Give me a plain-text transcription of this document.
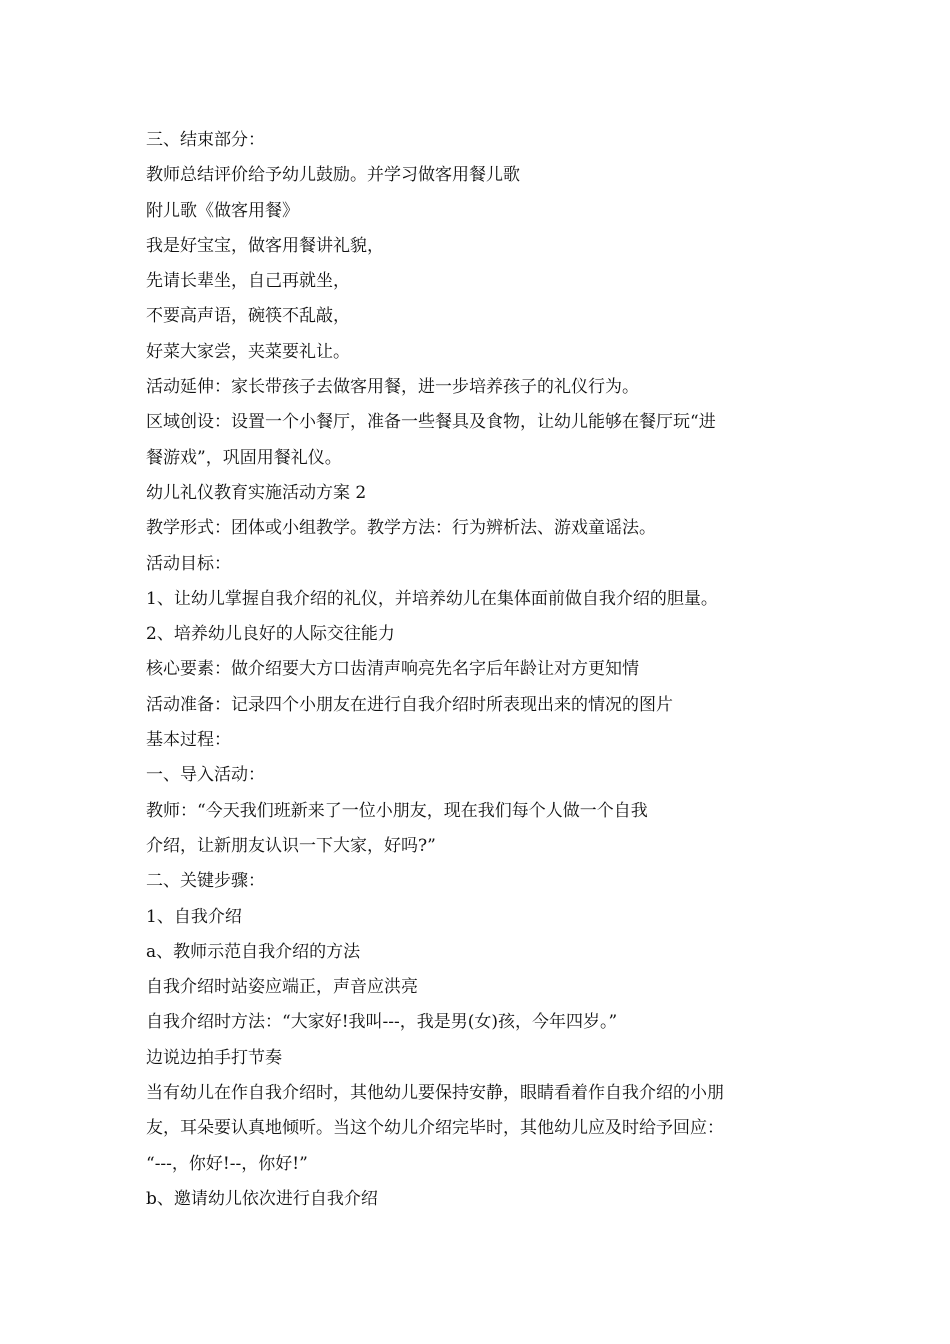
三、结束部分：
教师总结评价给予幼儿鼓励。并学习做客用餐儿歌
附儿歌《做客用餐》
我是好宝宝，做客用餐讲礼貌，
先请长辈坐，自己再就坐，
不要高声语，碗筷不乱敲，
好菜大家尝，夹菜要礼让。
活动延伸：家长带孩子去做客用餐，进一步培养孩子的礼仪行为。
区域创设：设置一个小餐厅，准备一些餐具及食物，让幼儿能够在餐厅玩“进
餐游戏”，巩固用餐礼仪。
幼儿礼仪教育实施活动方案 2
教学形式：团体或小组教学。教学方法：行为辨析法、游戏童谣法。
活动目标：
1、让幼儿掌握自我介绍的礼仪，并培养幼儿在集体面前做自我介绍的胆量。
2、培养幼儿良好的人际交往能力
核心要素：做介绍要大方口齿清声响亮先名字后年龄让对方更知情
活动准备：记录四个小朋友在进行自我介绍时所表现出来的情况的图片
基本过程：
一、导入活动：
教师：“今天我们班新来了一位小朋友，现在我们每个人做一个自我
介绍，让新朋友认识一下大家，好吗?”
二、关键步骤：
1、自我介绍
a、教师示范自我介绍的方法
自我介绍时站姿应端正，声音应洪亮
自我介绍时方法：“大家好!我叫---，我是男(女)孩，今年四岁。”
边说边拍手打节奏
当有幼儿在作自我介绍时，其他幼儿要保持安静，眼睛看着作自我介绍的小朋
友，耳朵要认真地倾听。当这个幼儿介绍完毕时，其他幼儿应及时给予回应：
“---，你好!--，你好!”
b、邀请幼儿依次进行自我介绍
